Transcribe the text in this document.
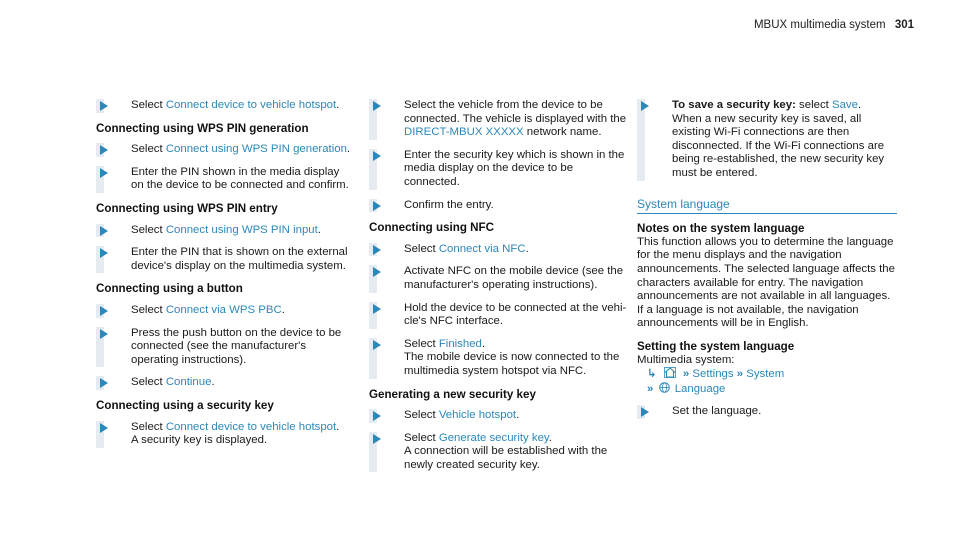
MBUX multimedia system 301
Select Connect device to vehicle hotspot.
Connecting using WPS PIN generation
Select Connect using WPS PIN generation.
Enter the PIN shown in the media display on the device to be connected and confirm.
Connecting using WPS PIN entry
Select Connect using WPS PIN input.
Enter the PIN that is shown on the external device's display on the multimedia system.
Connecting using a button
Select Connect via WPS PBC.
Press the push button on the device to be connected (see the manufacturer's operating instructions).
Select Continue.
Connecting using a security key
Select Connect device to vehicle hotspot.
A security key is displayed.
Select the vehicle from the device to be connected. The vehicle is displayed with the DIRECT-MBUX XXXXX network name.
Enter the security key which is shown in the media display on the device to be connected.
Confirm the entry.
Connecting using NFC
Select Connect via NFC.
Activate NFC on the mobile device (see the manufacturer's operating instructions).
Hold the device to be connected at the vehicle's NFC interface.
Select Finished.
The mobile device is now connected to the multimedia system hotspot via NFC.
Generating a new security key
Select Vehicle hotspot.
Select Generate security key.
A connection will be established with the newly created security key.
To save a security key: select Save.
When a new security key is saved, all existing Wi-Fi connections are then disconnected. If the Wi-Fi connections are being re-established, the new security key must be entered.
System language
Notes on the system language

This function allows you to determine the language for the menu displays and the navigation announcements. The selected language affects the characters available for entry. The navigation announcements are not available in all languages. If a language is not available, the navigation announcements will be in English.

Setting the system language

Multimedia system:

↳ » Settings » System

» Language

Set the language.
